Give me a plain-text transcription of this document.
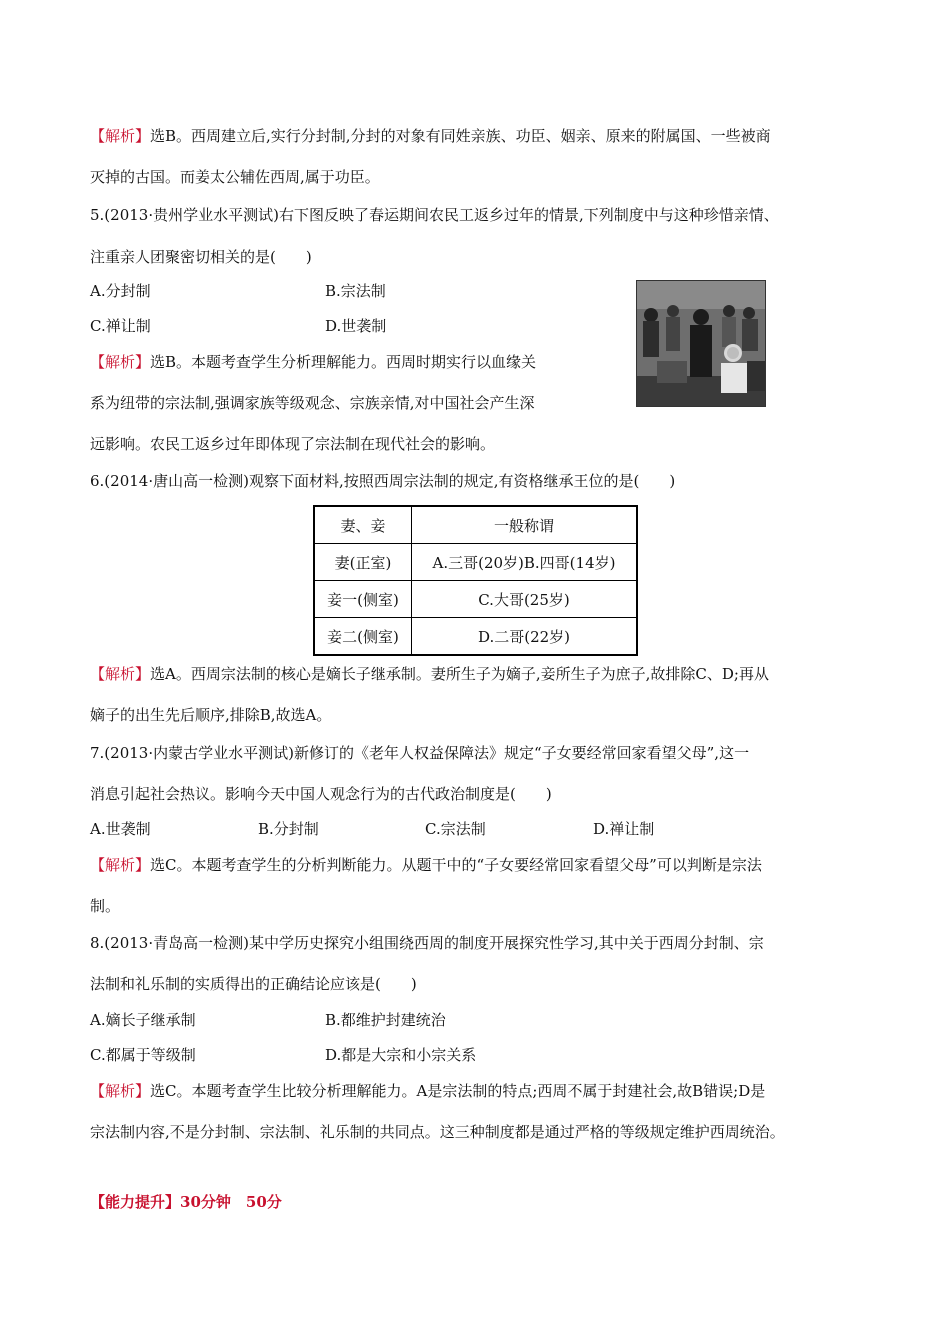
【解析】选B。西周建立后,实行分封制,分封的对象有同姓亲族、功臣、姻亲、原来的附属国、一些被商
灭掉的古国。而姜太公辅佐西周,属于功臣。
5.(2013·贵州学业水平测试)右下图反映了春运期间农民工返乡过年的情景,下列制度中与这种珍惜亲情、
注重亲人团聚密切相关的是(　　)
A.分封制	B.宗法制
C.禅让制	D.世袭制
【解析】选B。本题考查学生分析理解能力。西周时期实行以血缘关
系为纽带的宗法制,强调家族等级观念、宗族亲情,对中国社会产生深
远影响。农民工返乡过年即体现了宗法制在现代社会的影响。
6.(2014·唐山高一检测)观察下面材料,按照西周宗法制的规定,有资格继承王位的是(　　)
妻、妾	一般称谓
妻(正室)	A.三哥(20岁)B.四哥(14岁)
妾一(侧室)	C.大哥(25岁)
妾二(侧室)	D.二哥(22岁)
【解析】选A。西周宗法制的核心是嫡长子继承制。妻所生子为嫡子,妾所生子为庶子,故排除C、D;再从
嫡子的出生先后顺序,排除B,故选A。
7.(2013·内蒙古学业水平测试)新修订的《老年人权益保障法》规定“子女要经常回家看望父母”,这一
消息引起社会热议。影响今天中国人观念行为的古代政治制度是(　　)
A.世袭制	B.分封制	C.宗法制	D.禅让制
【解析】选C。本题考查学生的分析判断能力。从题干中的“子女要经常回家看望父母”可以判断是宗法
制。
8.(2013·青岛高一检测)某中学历史探究小组围绕西周的制度开展探究性学习,其中关于西周分封制、宗
法制和礼乐制的实质得出的正确结论应该是(　　)
A.嫡长子继承制	B.都维护封建统治
C.都属于等级制	D.都是大宗和小宗关系
【解析】选C。本题考查学生比较分析理解能力。A是宗法制的特点;西周不属于封建社会,故B错误;D是
宗法制内容,不是分封制、宗法制、礼乐制的共同点。这三种制度都是通过严格的等级规定维护西周统治。
【能力提升】30分钟　50分
